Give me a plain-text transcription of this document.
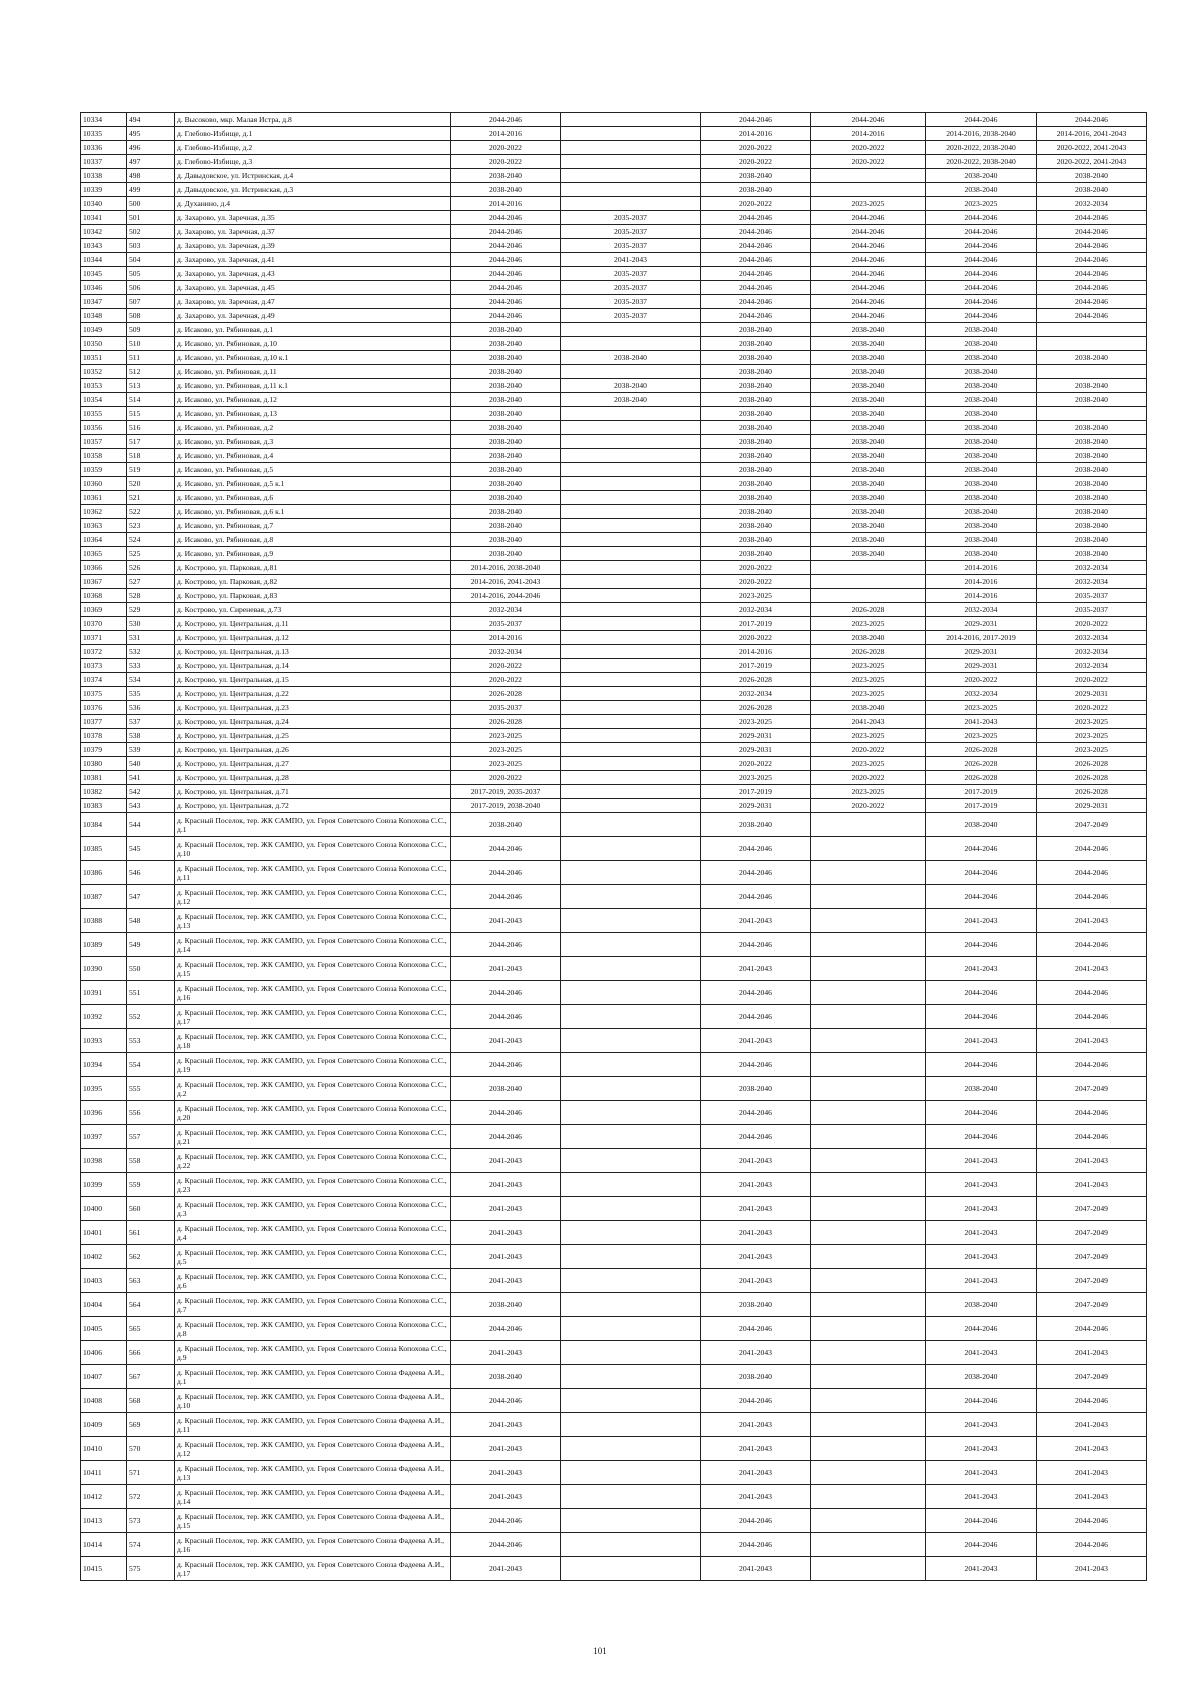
10334	494	д. Высоково, мкр. Малая Истра, д.8	2044-2046		2044-2046	2044-2046	2044-2046	2044-2046
10335	495	д. Глебово-Избище, д.1	2014-2016		2014-2016	2014-2016	2014-2016, 2038-2040	2014-2016, 2041-2043
10336	496	д. Глебово-Избище, д.2	2020-2022		2020-2022	2020-2022	2020-2022, 2038-2040	2020-2022, 2041-2043
10337	497	д. Глебово-Избище, д.3	2020-2022		2020-2022	2020-2022	2020-2022, 2038-2040	2020-2022, 2041-2043
10338	498	д. Давыдовское, ул. Истринская, д.4	2038-2040		2038-2040		2038-2040	2038-2040
10339	499	д. Давыдовское, ул. Истринская, д.3	2038-2040		2038-2040		2038-2040	2038-2040
10340	500	д. Духанино, д.4	2014-2016		2020-2022	2023-2025	2023-2025	2032-2034
10341	501	д. Захарово, ул. Заречная, д.35	2044-2046	2035-2037	2044-2046	2044-2046	2044-2046	2044-2046
10342	502	д. Захарово, ул. Заречная, д.37	2044-2046	2035-2037	2044-2046	2044-2046	2044-2046	2044-2046
10343	503	д. Захарово, ул. Заречная, д.39	2044-2046	2035-2037	2044-2046	2044-2046	2044-2046	2044-2046
10344	504	д. Захарово, ул. Заречная, д.41	2044-2046	2041-2043	2044-2046	2044-2046	2044-2046	2044-2046
10345	505	д. Захарово, ул. Заречная, д.43	2044-2046	2035-2037	2044-2046	2044-2046	2044-2046	2044-2046
10346	506	д. Захарово, ул. Заречная, д.45	2044-2046	2035-2037	2044-2046	2044-2046	2044-2046	2044-2046
10347	507	д. Захарово, ул. Заречная, д.47	2044-2046	2035-2037	2044-2046	2044-2046	2044-2046	2044-2046
10348	508	д. Захарово, ул. Заречная, д.49	2044-2046	2035-2037	2044-2046	2044-2046	2044-2046	2044-2046
10349	509	д. Исаково, ул. Рябиновая, д.1	2038-2040		2038-2040	2038-2040	2038-2040	
10350	510	д. Исаково, ул. Рябиновая, д.10	2038-2040		2038-2040	2038-2040	2038-2040	
10351	511	д. Исаково, ул. Рябиновая, д.10 к.1	2038-2040	2038-2040	2038-2040	2038-2040	2038-2040	2038-2040
10352	512	д. Исаково, ул. Рябиновая, д.11	2038-2040		2038-2040	2038-2040	2038-2040	
10353	513	д. Исаково, ул. Рябиновая, д.11 к.1	2038-2040	2038-2040	2038-2040	2038-2040	2038-2040	2038-2040
10354	514	д. Исаково, ул. Рябиновая, д.12	2038-2040	2038-2040	2038-2040	2038-2040	2038-2040	2038-2040
10355	515	д. Исаково, ул. Рябиновая, д.13	2038-2040		2038-2040	2038-2040	2038-2040	
10356	516	д. Исаково, ул. Рябиновая, д.2	2038-2040		2038-2040	2038-2040	2038-2040	2038-2040
10357	517	д. Исаково, ул. Рябиновая, д.3	2038-2040		2038-2040	2038-2040	2038-2040	2038-2040
10358	518	д. Исаково, ул. Рябиновая, д.4	2038-2040		2038-2040	2038-2040	2038-2040	2038-2040
10359	519	д. Исаково, ул. Рябиновая, д.5	2038-2040		2038-2040	2038-2040	2038-2040	2038-2040
10360	520	д. Исаково, ул. Рябиновая, д.5 к.1	2038-2040		2038-2040	2038-2040	2038-2040	2038-2040
10361	521	д. Исаково, ул. Рябиновая, д.6	2038-2040		2038-2040	2038-2040	2038-2040	2038-2040
10362	522	д. Исаково, ул. Рябиновая, д.6 к.1	2038-2040		2038-2040	2038-2040	2038-2040	2038-2040
10363	523	д. Исаково, ул. Рябиновая, д.7	2038-2040		2038-2040	2038-2040	2038-2040	2038-2040
10364	524	д. Исаково, ул. Рябиновая, д.8	2038-2040		2038-2040	2038-2040	2038-2040	2038-2040
10365	525	д. Исаково, ул. Рябиновая, д.9	2038-2040		2038-2040	2038-2040	2038-2040	2038-2040
10366	526	д. Кострово, ул. Парковая, д.81	2014-2016, 2038-2040		2020-2022		2014-2016	2032-2034
10367	527	д. Кострово, ул. Парковая, д.82	2014-2016, 2041-2043		2020-2022		2014-2016	2032-2034
10368	528	д. Кострово, ул. Парковая, д.83	2014-2016, 2044-2046		2023-2025		2014-2016	2035-2037
10369	529	д. Кострово, ул. Сиреневая, д.73	2032-2034		2032-2034	2026-2028	2032-2034	2035-2037
10370	530	д. Кострово, ул. Центральная, д.11	2035-2037		2017-2019	2023-2025	2029-2031	2020-2022
10371	531	д. Кострово, ул. Центральная, д.12	2014-2016		2020-2022	2038-2040	2014-2016, 2017-2019	2032-2034
10372	532	д. Кострово, ул. Центральная, д.13	2032-2034		2014-2016	2026-2028	2029-2031	2032-2034
10373	533	д. Кострово, ул. Центральная, д.14	2020-2022		2017-2019	2023-2025	2029-2031	2032-2034
10374	534	д. Кострово, ул. Центральная, д.15	2020-2022		2026-2028	2023-2025	2020-2022	2020-2022
10375	535	д. Кострово, ул. Центральная, д.22	2026-2028		2032-2034	2023-2025	2032-2034	2029-2031
10376	536	д. Кострово, ул. Центральная, д.23	2035-2037		2026-2028	2038-2040	2023-2025	2020-2022
10377	537	д. Кострово, ул. Центральная, д.24	2026-2028		2023-2025	2041-2043	2041-2043	2023-2025
10378	538	д. Кострово, ул. Центральная, д.25	2023-2025		2029-2031	2023-2025	2023-2025	2023-2025
10379	539	д. Кострово, ул. Центральная, д.26	2023-2025		2029-2031	2020-2022	2026-2028	2023-2025
10380	540	д. Кострово, ул. Центральная, д.27	2023-2025		2020-2022	2023-2025	2026-2028	2026-2028
10381	541	д. Кострово, ул. Центральная, д.28	2020-2022		2023-2025	2020-2022	2026-2028	2026-2028
10382	542	д. Кострово, ул. Центральная, д.71	2017-2019, 2035-2037		2017-2019	2023-2025	2017-2019	2026-2028
10383	543	д. Кострово, ул. Центральная, д.72	2017-2019, 2038-2040		2029-2031	2020-2022	2017-2019	2029-2031
10384	544	д. Красный Поселок, тер. ЖК САМПО, ул. Героя Советского Союза Копохова С.С., д.1	2038-2040		2038-2040		2038-2040	2047-2049
10385	545	д. Красный Поселок, тер. ЖК САМПО, ул. Героя Советского Союза Копохова С.С., д.10	2044-2046		2044-2046		2044-2046	2044-2046
10386	546	д. Красный Поселок, тер. ЖК САМПО, ул. Героя Советского Союза Копохова С.С., д.11	2044-2046		2044-2046		2044-2046	2044-2046
10387	547	д. Красный Поселок, тер. ЖК САМПО, ул. Героя Советского Союза Копохова С.С., д.12	2044-2046		2044-2046		2044-2046	2044-2046
10388	548	д. Красный Поселок, тер. ЖК САМПО, ул. Героя Советского Союза Копохова С.С., д.13	2041-2043		2041-2043		2041-2043	2041-2043
10389	549	д. Красный Поселок, тер. ЖК САМПО, ул. Героя Советского Союза Копохова С.С., д.14	2044-2046		2044-2046		2044-2046	2044-2046
10390	550	д. Красный Поселок, тер. ЖК САМПО, ул. Героя Советского Союза Копохова С.С., д.15	2041-2043		2041-2043		2041-2043	2041-2043
10391	551	д. Красный Поселок, тер. ЖК САМПО, ул. Героя Советского Союза Копохова С.С., д.16	2044-2046		2044-2046		2044-2046	2044-2046
10392	552	д. Красный Поселок, тер. ЖК САМПО, ул. Героя Советского Союза Копохова С.С., д.17	2044-2046		2044-2046		2044-2046	2044-2046
10393	553	д. Красный Поселок, тер. ЖК САМПО, ул. Героя Советского Союза Копохова С.С., д.18	2041-2043		2041-2043		2041-2043	2041-2043
10394	554	д. Красный Поселок, тер. ЖК САМПО, ул. Героя Советского Союза Копохова С.С., д.19	2044-2046		2044-2046		2044-2046	2044-2046
10395	555	д. Красный Поселок, тер. ЖК САМПО, ул. Героя Советского Союза Копохова С.С., д.2	2038-2040		2038-2040		2038-2040	2047-2049
10396	556	д. Красный Поселок, тер. ЖК САМПО, ул. Героя Советского Союза Копохова С.С., д.20	2044-2046		2044-2046		2044-2046	2044-2046
10397	557	д. Красный Поселок, тер. ЖК САМПО, ул. Героя Советского Союза Копохова С.С., д.21	2044-2046		2044-2046		2044-2046	2044-2046
10398	558	д. Красный Поселок, тер. ЖК САМПО, ул. Героя Советского Союза Копохова С.С., д.22	2041-2043		2041-2043		2041-2043	2041-2043
10399	559	д. Красный Поселок, тер. ЖК САМПО, ул. Героя Советского Союза Копохова С.С., д.23	2041-2043		2041-2043		2041-2043	2041-2043
10400	560	д. Красный Поселок, тер. ЖК САМПО, ул. Героя Советского Союза Копохова С.С., д.3	2041-2043		2041-2043		2041-2043	2047-2049
10401	561	д. Красный Поселок, тер. ЖК САМПО, ул. Героя Советского Союза Копохова С.С., д.4	2041-2043		2041-2043		2041-2043	2047-2049
10402	562	д. Красный Поселок, тер. ЖК САМПО, ул. Героя Советского Союза Копохова С.С., д.5	2041-2043		2041-2043		2041-2043	2047-2049
10403	563	д. Красный Поселок, тер. ЖК САМПО, ул. Героя Советского Союза Копохова С.С., д.6	2041-2043		2041-2043		2041-2043	2047-2049
10404	564	д. Красный Поселок, тер. ЖК САМПО, ул. Героя Советского Союза Копохова С.С., д.7	2038-2040		2038-2040		2038-2040	2047-2049
10405	565	д. Красный Поселок, тер. ЖК САМПО, ул. Героя Советского Союза Копохова С.С., д.8	2044-2046		2044-2046		2044-2046	2044-2046
10406	566	д. Красный Поселок, тер. ЖК САМПО, ул. Героя Советского Союза Копохова С.С., д.9	2041-2043		2041-2043		2041-2043	2041-2043
10407	567	д. Красный Поселок, тер. ЖК САМПО, ул. Героя Советского Союза Фадеева А.И., д.1	2038-2040		2038-2040		2038-2040	2047-2049
10408	568	д. Красный Поселок, тер. ЖК САМПО, ул. Героя Советского Союза Фадеева А.И., д.10	2044-2046		2044-2046		2044-2046	2044-2046
10409	569	д. Красный Поселок, тер. ЖК САМПО, ул. Героя Советского Союза Фадеева А.И., д.11	2041-2043		2041-2043		2041-2043	2041-2043
10410	570	д. Красный Поселок, тер. ЖК САМПО, ул. Героя Советского Союза Фадеева А.И., д.12	2041-2043		2041-2043		2041-2043	2041-2043
10411	571	д. Красный Поселок, тер. ЖК САМПО, ул. Героя Советского Союза Фадеева А.И., д.13	2041-2043		2041-2043		2041-2043	2041-2043
10412	572	д. Красный Поселок, тер. ЖК САМПО, ул. Героя Советского Союза Фадеева А.И., д.14	2041-2043		2041-2043		2041-2043	2041-2043
10413	573	д. Красный Поселок, тер. ЖК САМПО, ул. Героя Советского Союза Фадеева А.И., д.15	2044-2046		2044-2046		2044-2046	2044-2046
10414	574	д. Красный Поселок, тер. ЖК САМПО, ул. Героя Советского Союза Фадеева А.И., д.16	2044-2046		2044-2046		2044-2046	2044-2046
10415	575	д. Красный Поселок, тер. ЖК САМПО, ул. Героя Советского Союза Фадеева А.И., д.17	2041-2043		2041-2043		2041-2043	2041-2043
101
